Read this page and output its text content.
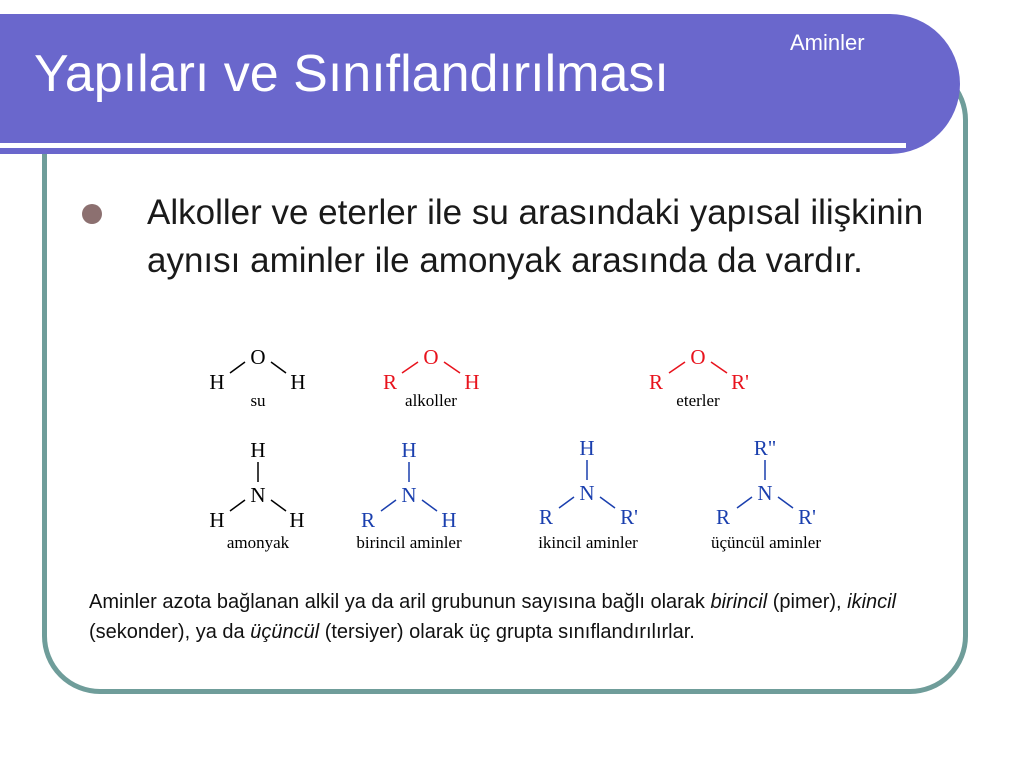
Yapıları ve Sınıflandırılması
Aminler

Alkoller ve eterler ile su arasındaki yapısal ilişkinin aynısı aminler ile amonyak arasında da vardır.

O
H	H
su
O
R	H
alkoller
O
R	R'
eterler
H
N
H	H
amonyak
H
N
R	H
birincil aminler
H
N
R	R'
ikincil aminler
R"
N
R	R'
üçüncül aminler

Aminler azota bağlanan alkil ya da aril grubunun sayısına bağlı olarak birincil (pimer), ikincil (sekonder), ya da üçüncül (tersiyer) olarak üç grupta sınıflandırılırlar.
